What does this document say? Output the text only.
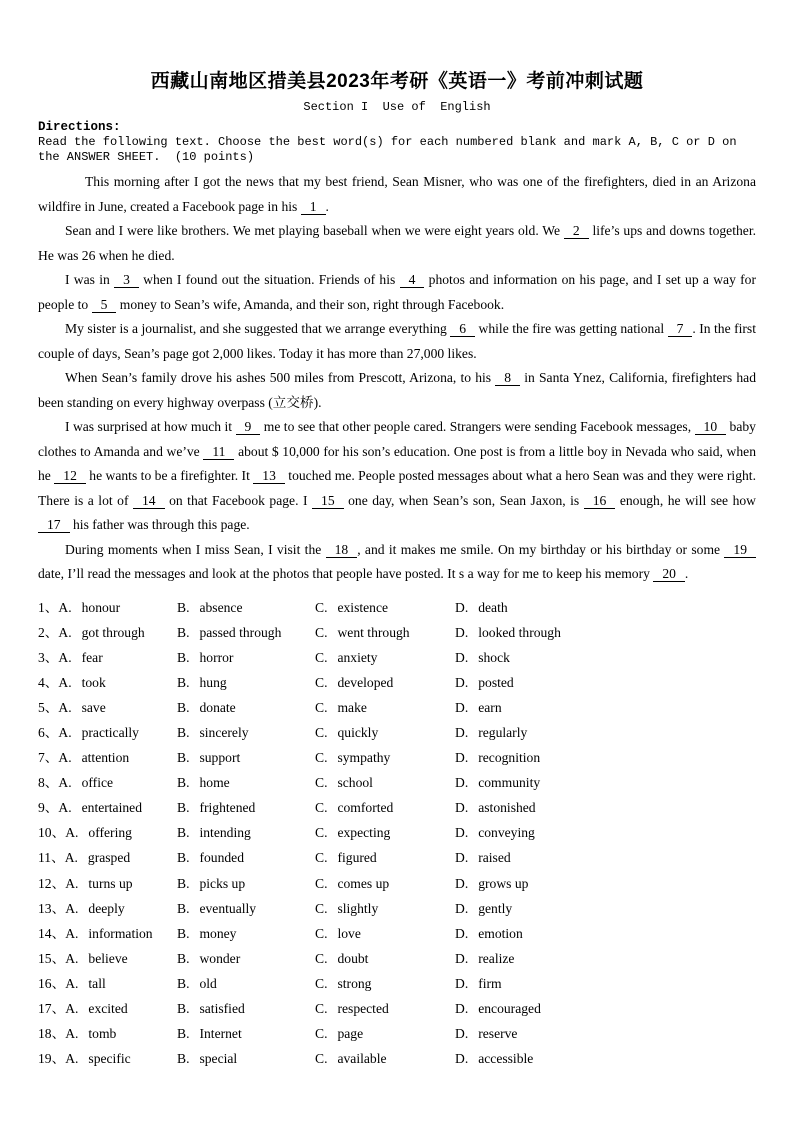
西藏山南地区措美县2023年考研《英语一》考前冲刺试题
Section I  Use of  English
Directions:
Read the following text. Choose the best word(s) for each numbered blank and mark A, B, C or D on the ANSWER SHEET.  (10 points)

This morning after I got the news that my best friend, Sean Misner, who was one of the firefighters, died in an Arizona wildfire in June, created a Facebook page in his 1 .

Sean and I were like brothers. We met playing baseball when we were eight years old. We 2 life’s ups and downs together. He was 26 when he died.

I was in 3 when I found out the situation. Friends of his 4 photos and information on his page, and I set up a way for people to 5 money to Sean’s wife, Amanda, and their son, right through Facebook.

My sister is a journalist, and she suggested that we arrange everything 6 while the fire was getting national 7 . In the first couple of days, Sean’s page got 2,000 likes. Today it has more than 27,000 likes.

When Sean’s family drove his ashes 500 miles from Prescott, Arizona, to his 8 in Santa Ynez, California, firefighters had been standing on every highway overpass (立交桥).

I was surprised at how much it 9 me to see that other people cared. Strangers were sending Facebook messages, 10 baby clothes to Amanda and we’ve 11 about $ 10,000 for his son’s education. One post is from a little boy in Nevada who said, when he 12 he wants to be a firefighter. It 13 touched me. People posted messages about what a hero Sean was and they were right. There is a lot of 14 on that Facebook page. I 15 one day, when Sean’s son, Sean Jaxon, is 16 enough, he will see how 17 his father was through this page.

During moments when I miss Sean, I visit the 18 , and it makes me smile. On my birthday or his birthday or some 19 date, I’ll read the messages and look at the photos that people have posted. It s a way for me to keep his memory 20 .

1、A. honour	B. absence	C. existence	D. death
2、A. got through	B. passed through	C. went through	D. looked through
3、A. fear	B. horror	C. anxiety	D. shock
4、A. took	B. hung	C. developed	D. posted
5、A. save	B. donate	C. make	D. earn
6、A. practically	B. sincerely	C. quickly	D. regularly
7、A. attention	B. support	C. sympathy	D. recognition
8、A. office	B. home	C. school	D. community
9、A. entertained	B. frightened	C. comforted	D. astonished
10、A. offering	B. intending	C. expecting	D. conveying
11、A. grasped	B. founded	C. figured	D. raised
12、A. turns up	B. picks up	C. comes up	D. grows up
13、A. deeply	B. eventually	C. slightly	D. gently
14、A. information	B. money	C. love	D. emotion
15、A. believe	B. wonder	C. doubt	D. realize
16、A. tall	B. old	C. strong	D. firm
17、A. excited	B. satisfied	C. respected	D. encouraged
18、A. tomb	B. Internet	C. page	D. reserve
19、A. specific	B. special	C. available	D. accessible
